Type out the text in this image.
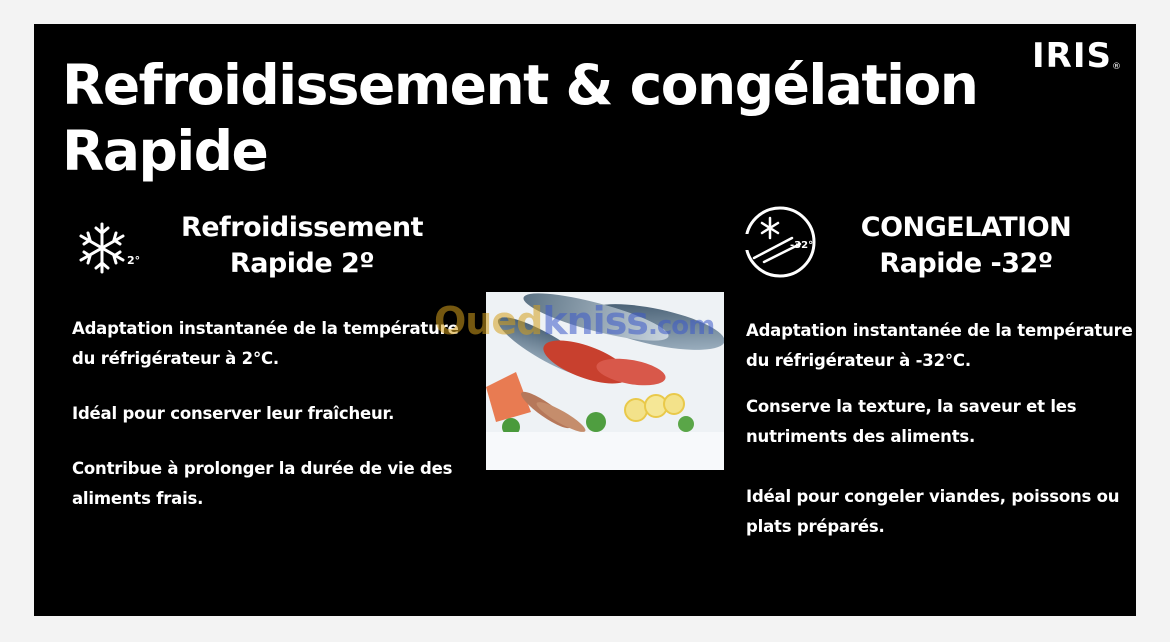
IRIS®
Refroidissement & congélation Rapide
2°
Refroidissement
Rapide 2º

Adaptation instantanée de la température du réfrigérateur à 2°C.

Idéal pour conserver leur fraîcheur.

Contribue à prolonger la durée de vie des aliments frais.

Ouedkniss.com
-32°
CONGELATION
Rapide -32º

Adaptation instantanée de la température du réfrigérateur à -32°C.

Conserve la texture, la saveur et les nutriments des aliments.

Idéal pour congeler viandes, poissons ou plats préparés.
